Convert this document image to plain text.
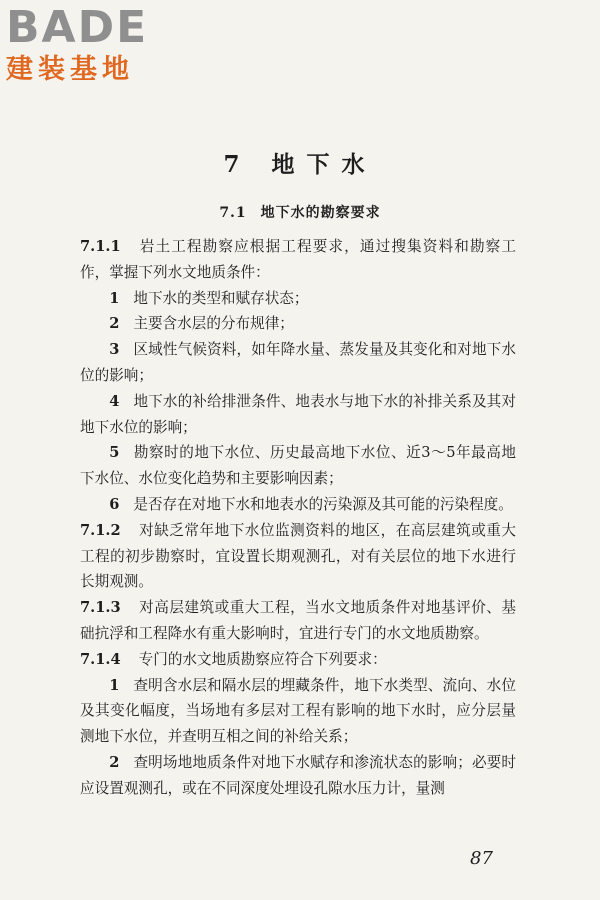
BADE
建装基地
7 地下水
7.1 地下水的勘察要求

7.1.1 岩土工程勘察应根据工程要求，通过搜集资料和勘察工作，掌握下列水文地质条件：

1 地下水的类型和赋存状态；

2 主要含水层的分布规律；

3 区域性气候资料，如年降水量、蒸发量及其变化和对地下水位的影响；

4 地下水的补给排泄条件、地表水与地下水的补排关系及其对地下水位的影响；

5 勘察时的地下水位、历史最高地下水位、近3～5年最高地下水位、水位变化趋势和主要影响因素；

6 是否存在对地下水和地表水的污染源及其可能的污染程度。

7.1.2 对缺乏常年地下水位监测资料的地区，在高层建筑或重大工程的初步勘察时，宜设置长期观测孔，对有关层位的地下水进行长期观测。

7.1.3 对高层建筑或重大工程，当水文地质条件对地基评价、基础抗浮和工程降水有重大影响时，宜进行专门的水文地质勘察。

7.1.4 专门的水文地质勘察应符合下列要求：

1 查明含水层和隔水层的埋藏条件，地下水类型、流向、水位及其变化幅度，当场地有多层对工程有影响的地下水时，应分层量测地下水位，并查明互相之间的补给关系；

2 查明场地地质条件对地下水赋存和渗流状态的影响；必要时应设置观测孔，或在不同深度处埋设孔隙水压力计，量测

87
